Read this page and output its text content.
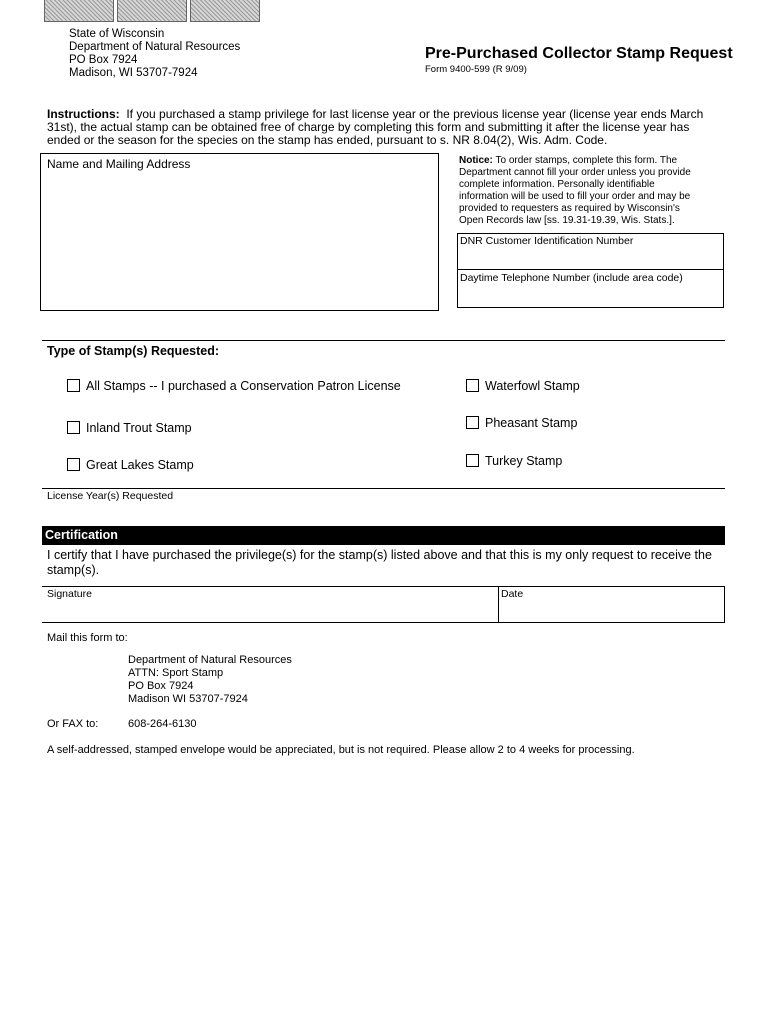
State of Wisconsin
Department of Natural Resources
PO Box 7924
Madison, WI 53707-7924
Pre-Purchased Collector Stamp Request
Form 9400-599 (R 9/09)
Instructions: If you purchased a stamp privilege for last license year or the previous license year (license year ends March
31st), the actual stamp can be obtained free of charge by completing this form and submitting it after the license year has
ended or the season for the species on the stamp has ended, pursuant to s. NR 8.04(2), Wis. Adm. Code.
Name and Mailing Address	Notice: To order stamps, complete this form. The
Department cannot fill your order unless you provide
complete information. Personally identifiable
information will be used to fill your order and may be
provided to requesters as required by Wisconsin's
Open Records law [ss. 19.31-19.39, Wis. Stats.].
DNR Customer Identification Number
Daytime Telephone Number (include area code)
Type of Stamp(s) Requested:
All Stamps -- I purchased a Conservation Patron License
Inland Trout Stamp
Great Lakes Stamp
Waterfowl Stamp
Pheasant Stamp
Turkey Stamp
License Year(s) Requested
Certification
I certify that I have purchased the privilege(s) for the stamp(s) listed above and that this is my only request to receive the
stamp(s).
Signature	Date
Mail this form to:
Department of Natural Resources
ATTN: Sport Stamp
PO Box 7924
Madison WI 53707-7924
Or FAX to:	608-264-6130
A self-addressed, stamped envelope would be appreciated, but is not required. Please allow 2 to 4 weeks for processing.
